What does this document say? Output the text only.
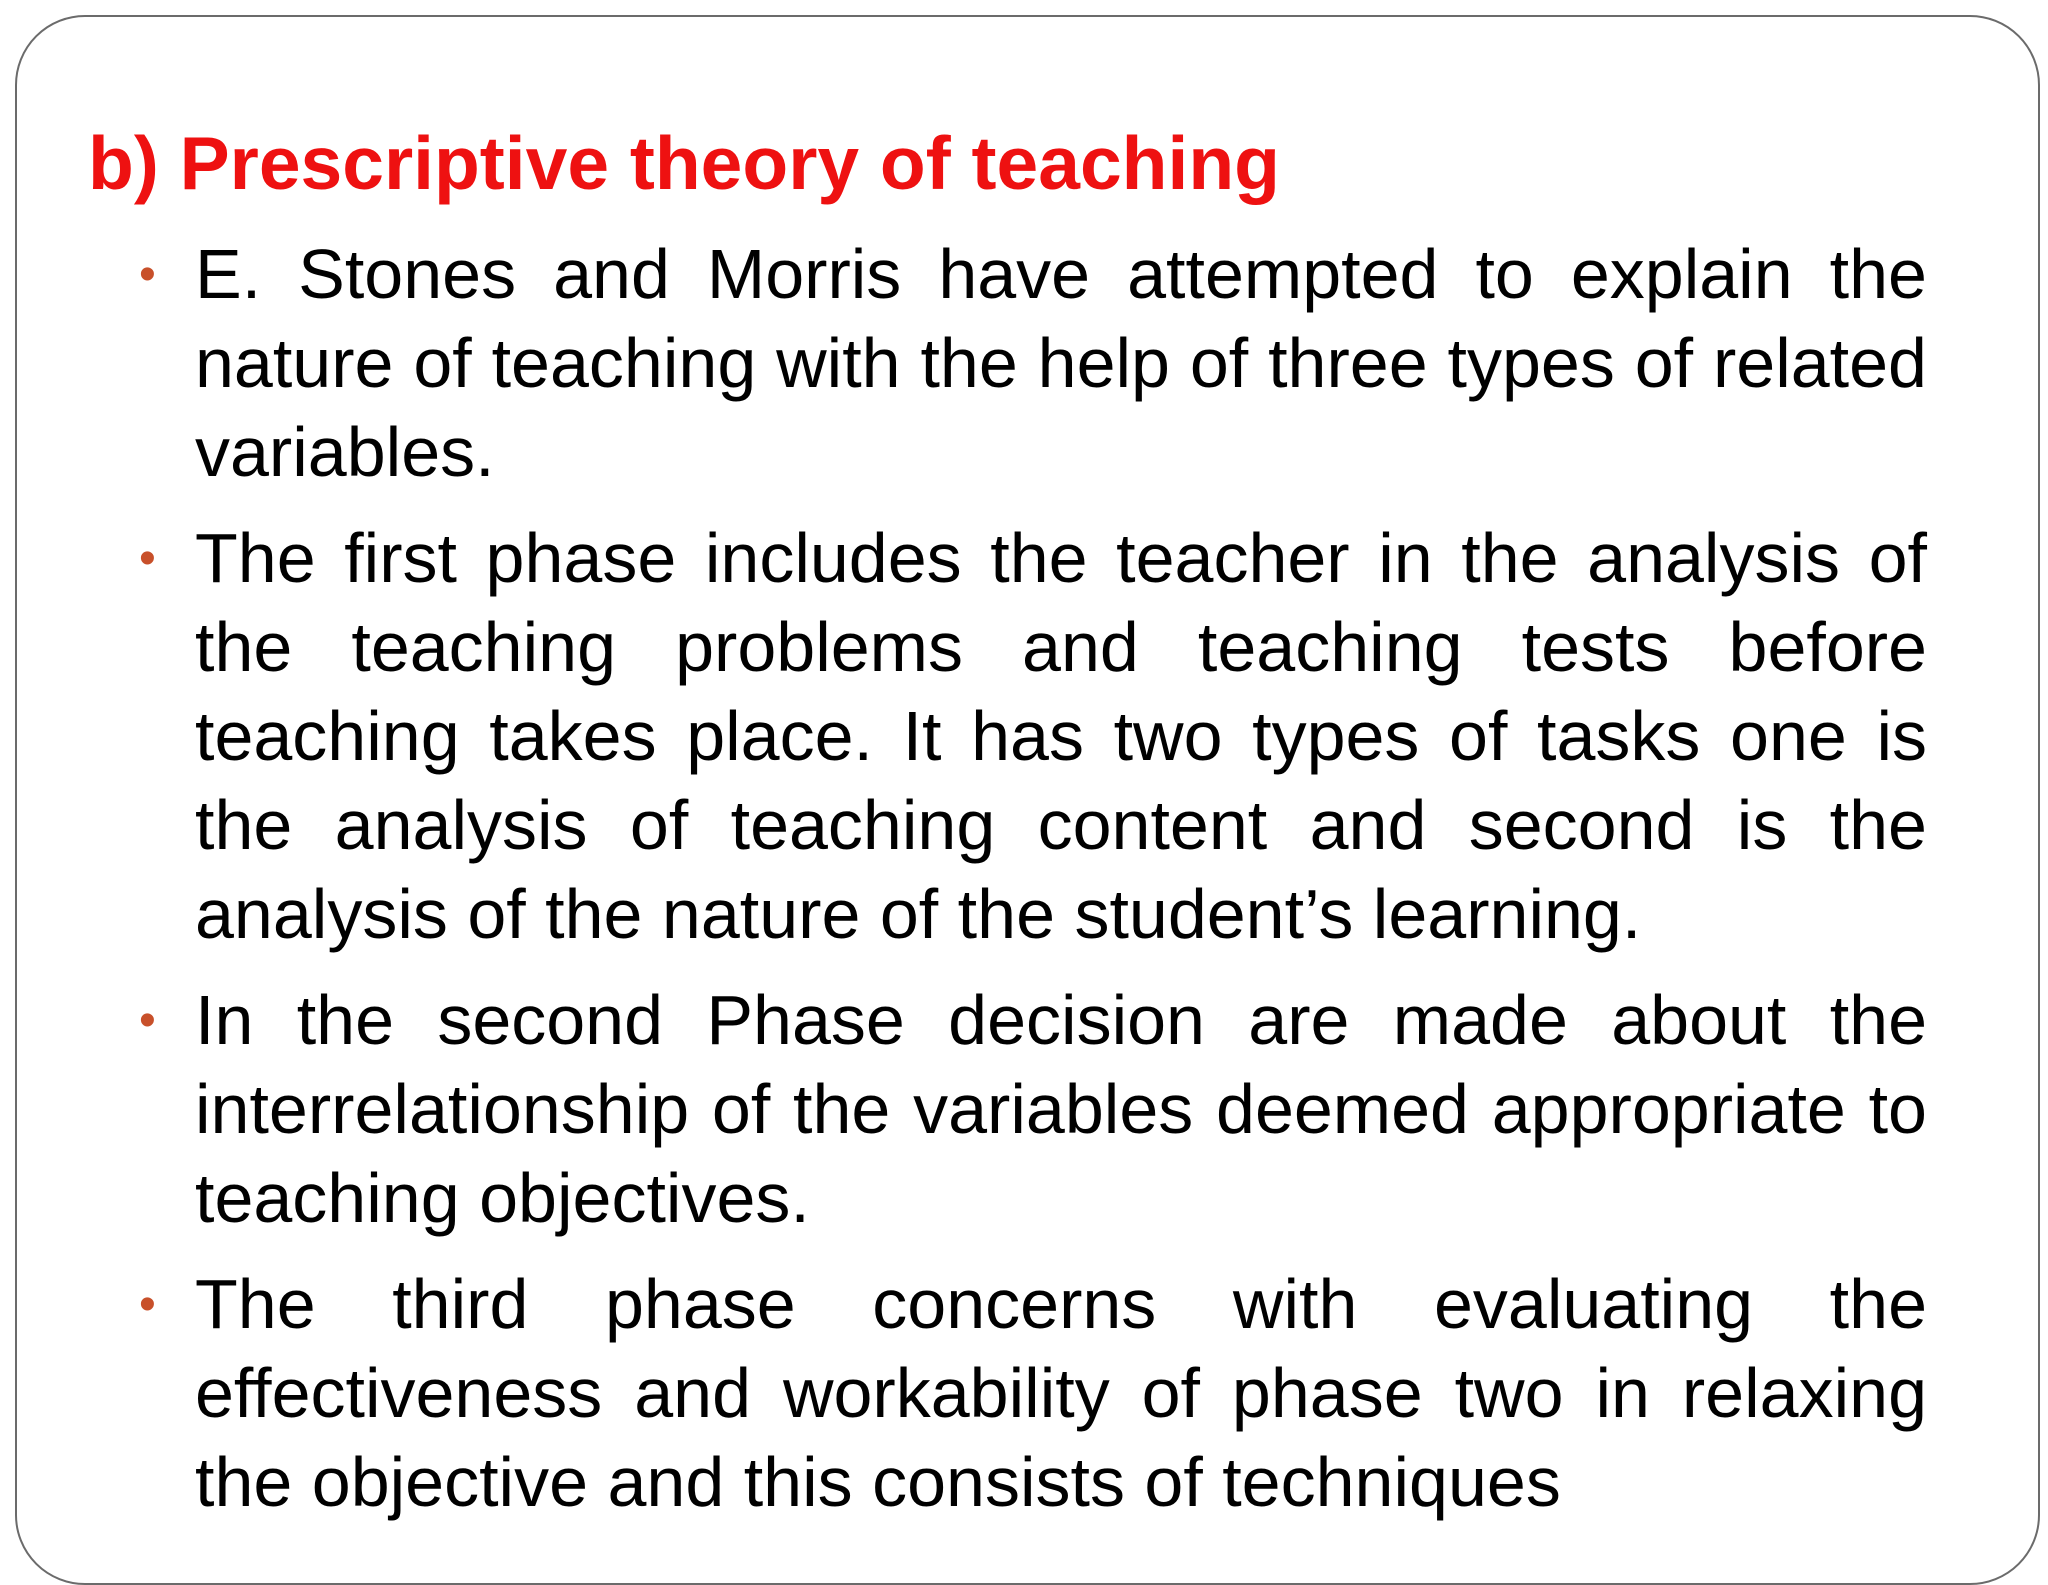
b) Prescriptive theory of teaching
• E. Stones and Morris have attempted to explain the nature of teaching with the help of three types of related variables.
• The first phase includes the teacher in the analysis of the teaching problems and teaching tests before teaching takes place. It has two types of tasks one is the analysis of teaching content and second is the analysis of the nature of the student’s learning.
• In the second Phase decision are made about the interrelationship of the variables deemed appropriate to teaching objectives.
• The third phase concerns with evaluating the effectiveness and workability of phase two in relaxing the objective and this consists of techniques
